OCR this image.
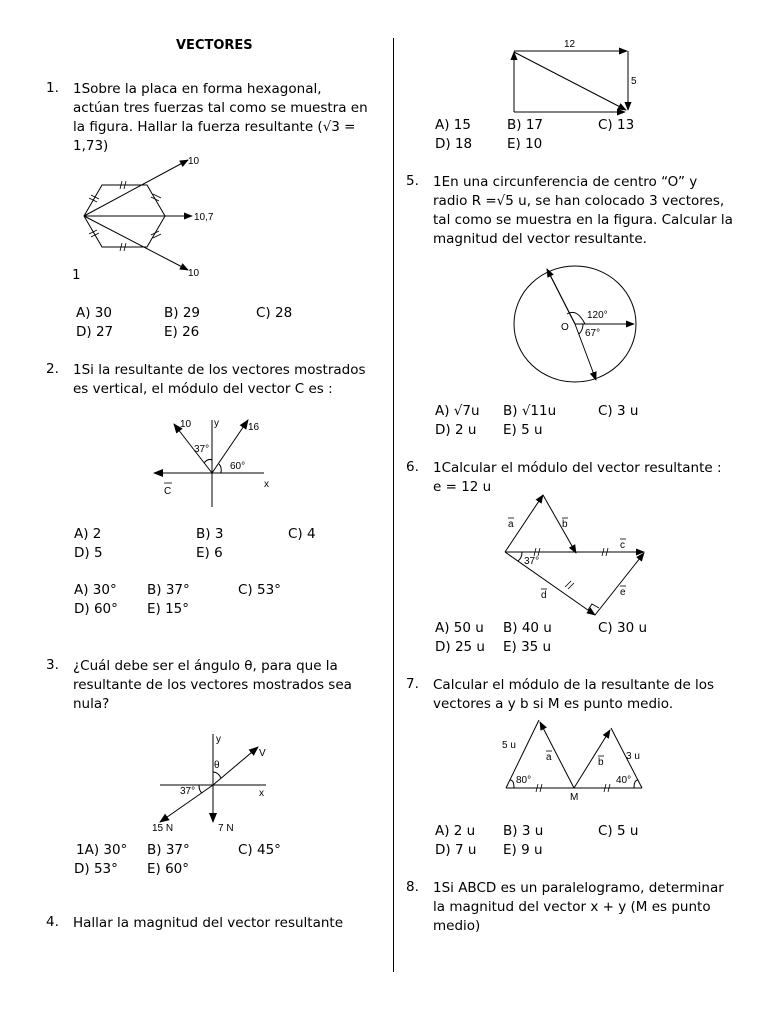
VECTORES
1.	1Sobre la placa en forma hexagonal, actúan tres fuerzas tal como se muestra en la figura. Hallar la fuerza resultante (√3 = 1,73)
10
10,7
10
1
A) 30	B) 29	C) 28
D) 27	E) 26
2.	1Si la resultante de los vectores mostrados es vertical, el módulo del vector C es :
10	16
37°
60°
y
x
C
A) 2	B) 3	C) 4
D) 5	E) 6
A) 30° B) 37°	C) 53°
D) 60° E) 15°
3.	¿Cuál debe ser el ángulo θ, para que la resultante de los vectores mostrados sea nula?
y
x
V
θ
37°
15 N	7 N
1A) 30° B) 37°	C) 45°
D) 53° E) 60°
4.	Hallar la magnitud del vector resultante
12
5
A) 15	B) 17	C) 13
D) 18	E) 10
5.	1En una circunferencia de centro “O” y radio R =√5 u, se han colocado 3 vectores, tal como se muestra en la figura. Calcular la magnitud del vector resultante.
O
120°
67°
A) √7u B) √11u	C) 3 u
D) 2 u E) 5 u
6.	1Calcular el módulo del vector resultante : e = 12 u
a	b
c
d	e
37°
A) 50 u B) 40 u	C) 30 u
D) 25 u E) 35 u
7.	Calcular el módulo de la resultante de los vectores a y b si M es punto medio.
5 u
3 u
a	b
80°	40°
M
A) 2 u B) 3 u	C) 5 u
D) 7 u E) 9 u
8.	1Si ABCD es un paralelogramo, determinar la magnitud del vector x + y (M es punto medio)
